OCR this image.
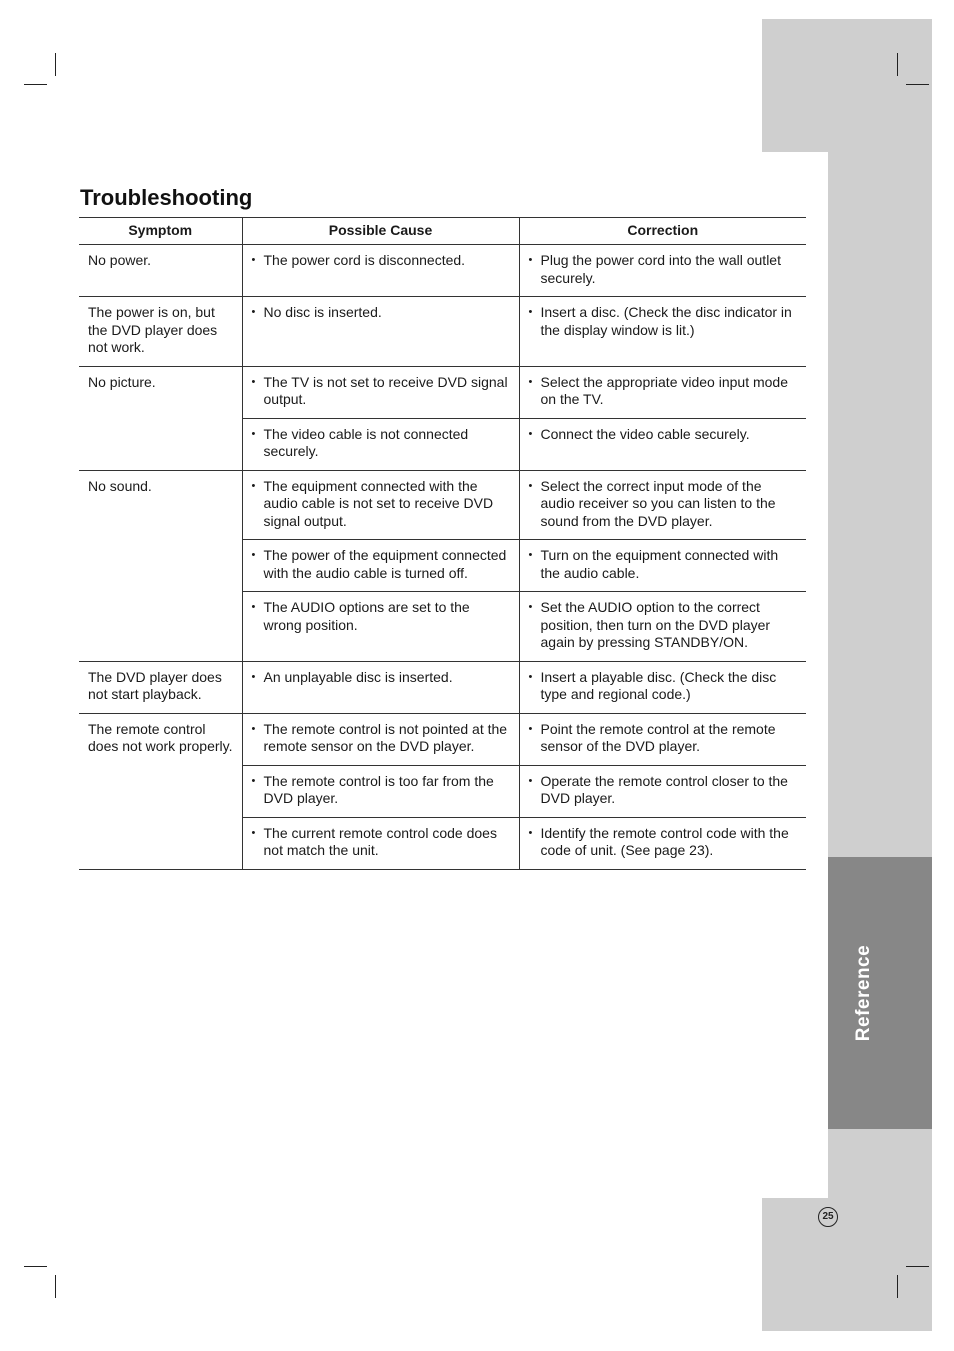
Reference
25
Troubleshooting
Symptom	Possible Cause	Correction
No power.	• The power cord is disconnected.	• Plug the power cord into the wall outlet securely.

The power is on, but the DVD player does not work.	• No disc is inserted.	• Insert a disc. (Check the disc indicator in the display window is lit.)

No picture.	• The TV is not set to receive DVD signal output.	• Select the appropriate video input mode on the TV.

	• The video cable is not connected securely.	• Connect the video cable securely.

No sound.	• The equipment connected with the audio cable is not set to receive DVD signal output.	• Select the correct input mode of the audio receiver so you can listen to the sound from the DVD player.

	• The power of the equipment connected with the audio cable is turned off.	• Turn on the equipment connected with the audio cable.

	• The AUDIO options are set to the wrong position.	• Set the AUDIO option to the correct position, then turn on the DVD player again by pressing STANDBY/ON.

The DVD player does not start playback.	• An unplayable disc is inserted.	• Insert a playable disc. (Check the disc type and regional code.)

The remote control does not work properly.	• The remote control is not pointed at the remote sensor on the DVD player.	• Point the remote control at the remote sensor of the DVD player.

	• The remote control is too far from the DVD player.	• Operate the remote control closer to the DVD player.

	• The current remote control code does not match the unit.	• Identify the remote control code with the code of unit. (See page 23).
